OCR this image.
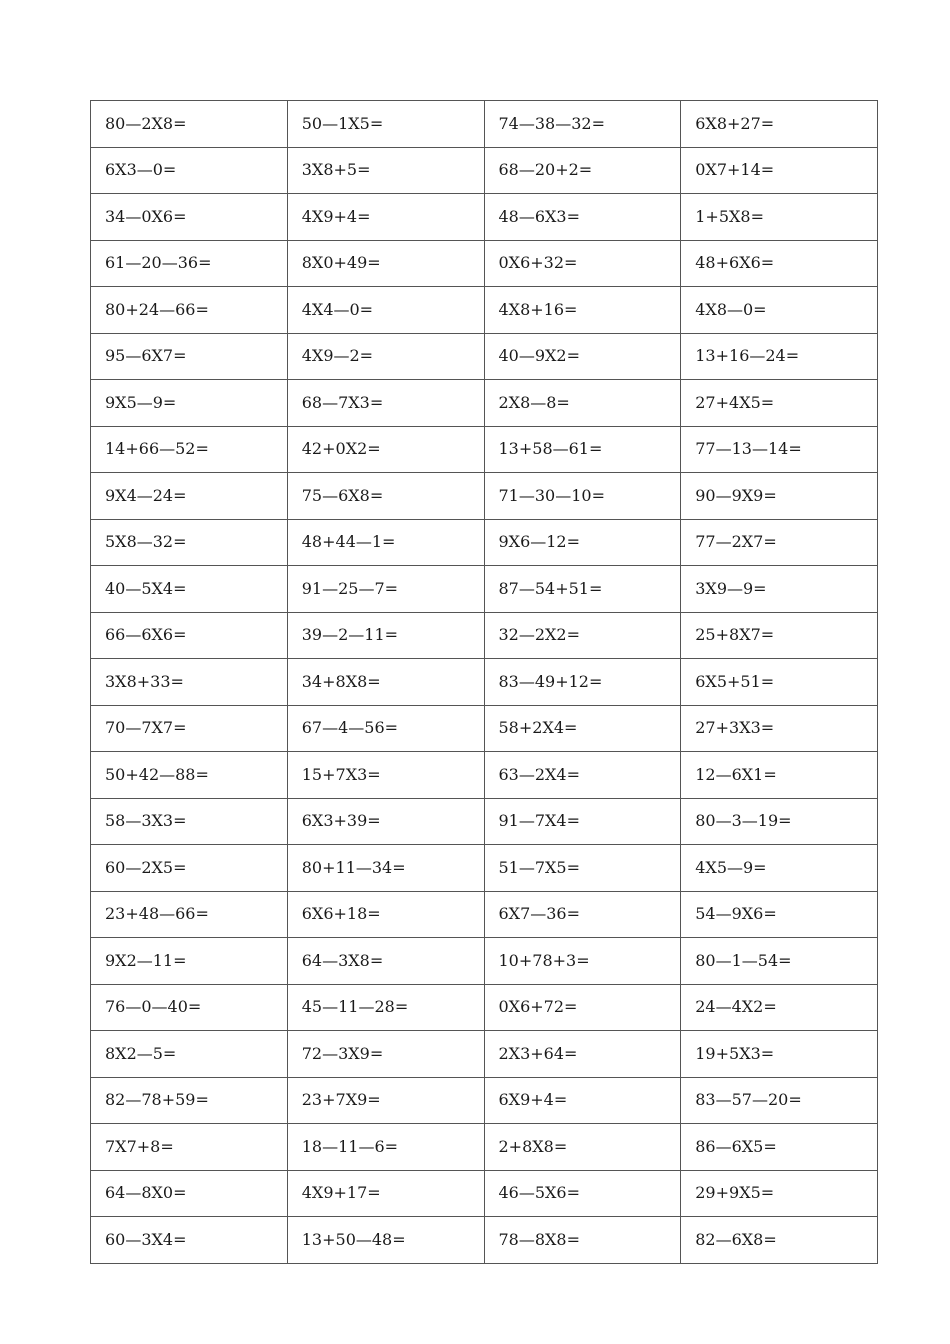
80—2X8=	50—1X5=	74—38—32=	6X8+27=
6X3—0=	3X8+5=	68—20+2=	0X7+14=
34—0X6=	4X9+4=	48—6X3=	1+5X8=
61—20—36=	8X0+49=	0X6+32=	48+6X6=
80+24—66=	4X4—0=	4X8+16=	4X8—0=
95—6X7=	4X9—2=	40—9X2=	13+16—24=
9X5—9=	68—7X3=	2X8—8=	27+4X5=
14+66—52=	42+0X2=	13+58—61=	77—13—14=
9X4—24=	75—6X8=	71—30—10=	90—9X9=
5X8—32=	48+44—1=	9X6—12=	77—2X7=
40—5X4=	91—25—7=	87—54+51=	3X9—9=
66—6X6=	39—2—11=	32—2X2=	25+8X7=
3X8+33=	34+8X8=	83—49+12=	6X5+51=
70—7X7=	67—4—56=	58+2X4=	27+3X3=
50+42—88=	15+7X3=	63—2X4=	12—6X1=
58—3X3=	6X3+39=	91—7X4=	80—3—19=
60—2X5=	80+11—34=	51—7X5=	4X5—9=
23+48—66=	6X6+18=	6X7—36=	54—9X6=
9X2—11=	64—3X8=	10+78+3=	80—1—54=
76—0—40=	45—11—28=	0X6+72=	24—4X2=
8X2—5=	72—3X9=	2X3+64=	19+5X3=
82—78+59=	23+7X9=	6X9+4=	83—57—20=
7X7+8=	18—11—6=	2+8X8=	86—6X5=
64—8X0=	4X9+17=	46—5X6=	29+9X5=
60—3X4=	13+50—48=	78—8X8=	82—6X8=
